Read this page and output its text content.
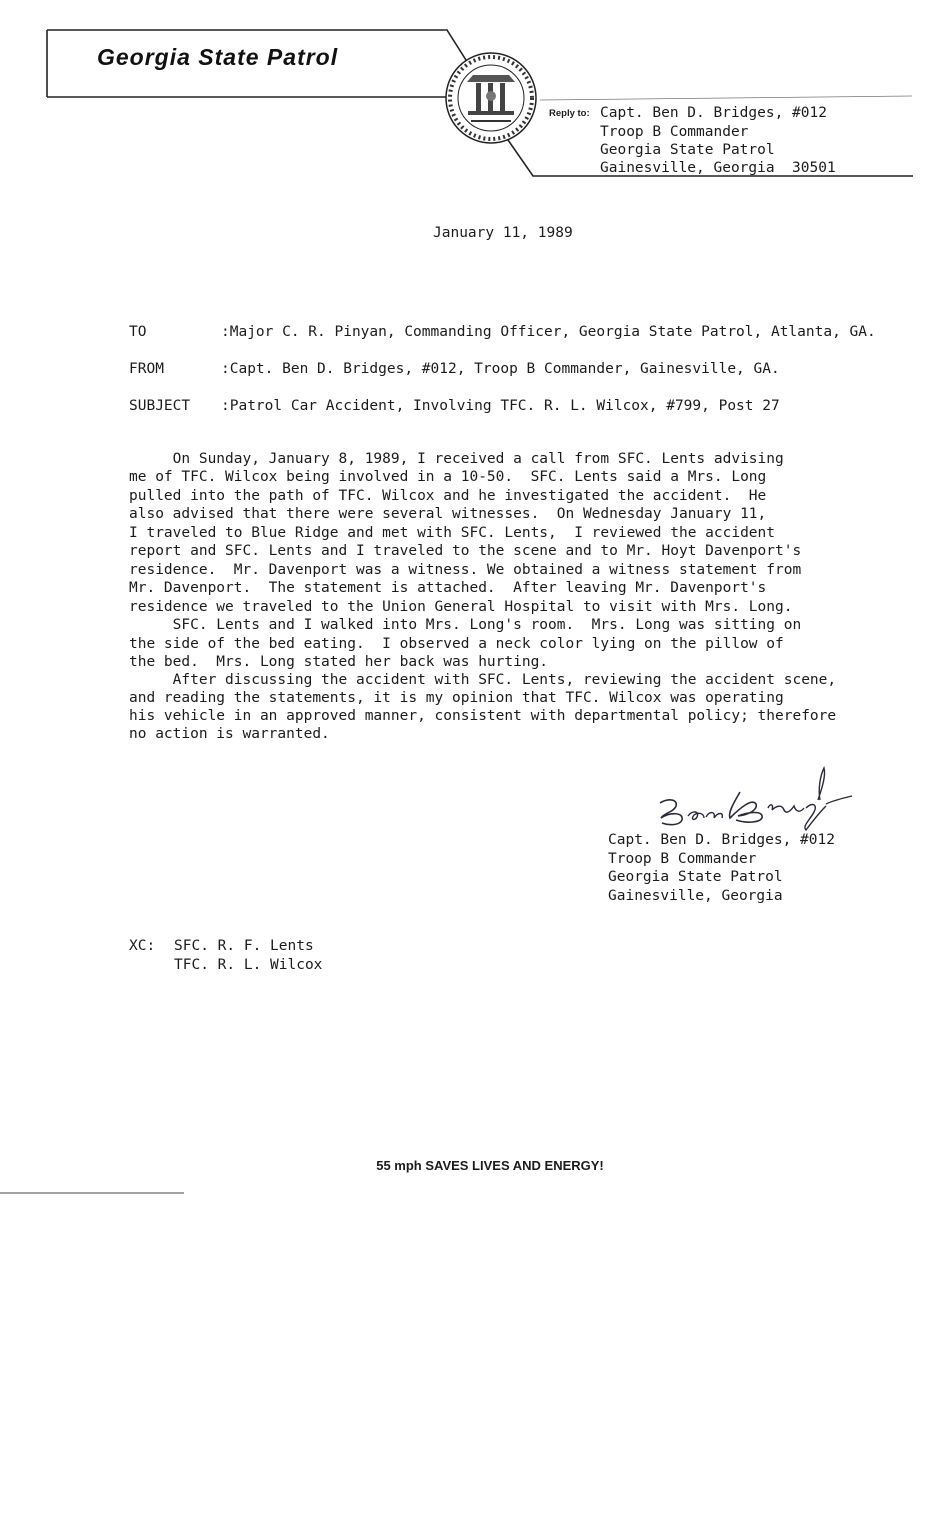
Georgia State Patrol
Reply to: Capt. Ben D. Bridges, #012
Troop B Commander
Georgia State Patrol
Gainesville, Georgia  30501
January 11, 1989
TO	:Major C. R. Pinyan, Commanding Officer, Georgia State Patrol, Atlanta, GA.
FROM	:Capt. Ben D. Bridges, #012, Troop B Commander, Gainesville, GA.
SUBJECT :Patrol Car Accident, Involving TFC. R. L. Wilcox, #799, Post 27
On Sunday, January 8, 1989, I received a call from SFC. Lents advising
me of TFC. Wilcox being involved in a 10-50.  SFC. Lents said a Mrs. Long
pulled into the path of TFC. Wilcox and he investigated the accident.  He
also advised that there were several witnesses.  On Wednesday January 11,
I traveled to Blue Ridge and met with SFC. Lents,  I reviewed the accident
report and SFC. Lents and I traveled to the scene and to Mr. Hoyt Davenport's
residence.  Mr. Davenport was a witness. We obtained a witness statement from
Mr. Davenport.  The statement is attached.  After leaving Mr. Davenport's
residence we traveled to the Union General Hospital to visit with Mrs. Long.
SFC. Lents and I walked into Mrs. Long's room.  Mrs. Long was sitting on
the side of the bed eating.  I observed a neck color lying on the pillow of
the bed.  Mrs. Long stated her back was hurting.
After discussing the accident with SFC. Lents, reviewing the accident scene,
and reading the statements, it is my opinion that TFC. Wilcox was operating
his vehicle in an approved manner, consistent with departmental policy; therefore
no action is warranted.
Capt. Ben D. Bridges, #012
Troop B Commander
Georgia State Patrol
Gainesville, Georgia
XC: SFC. R. F. Lents
TFC. R. L. Wilcox
55 mph SAVES LIVES AND ENERGY!
